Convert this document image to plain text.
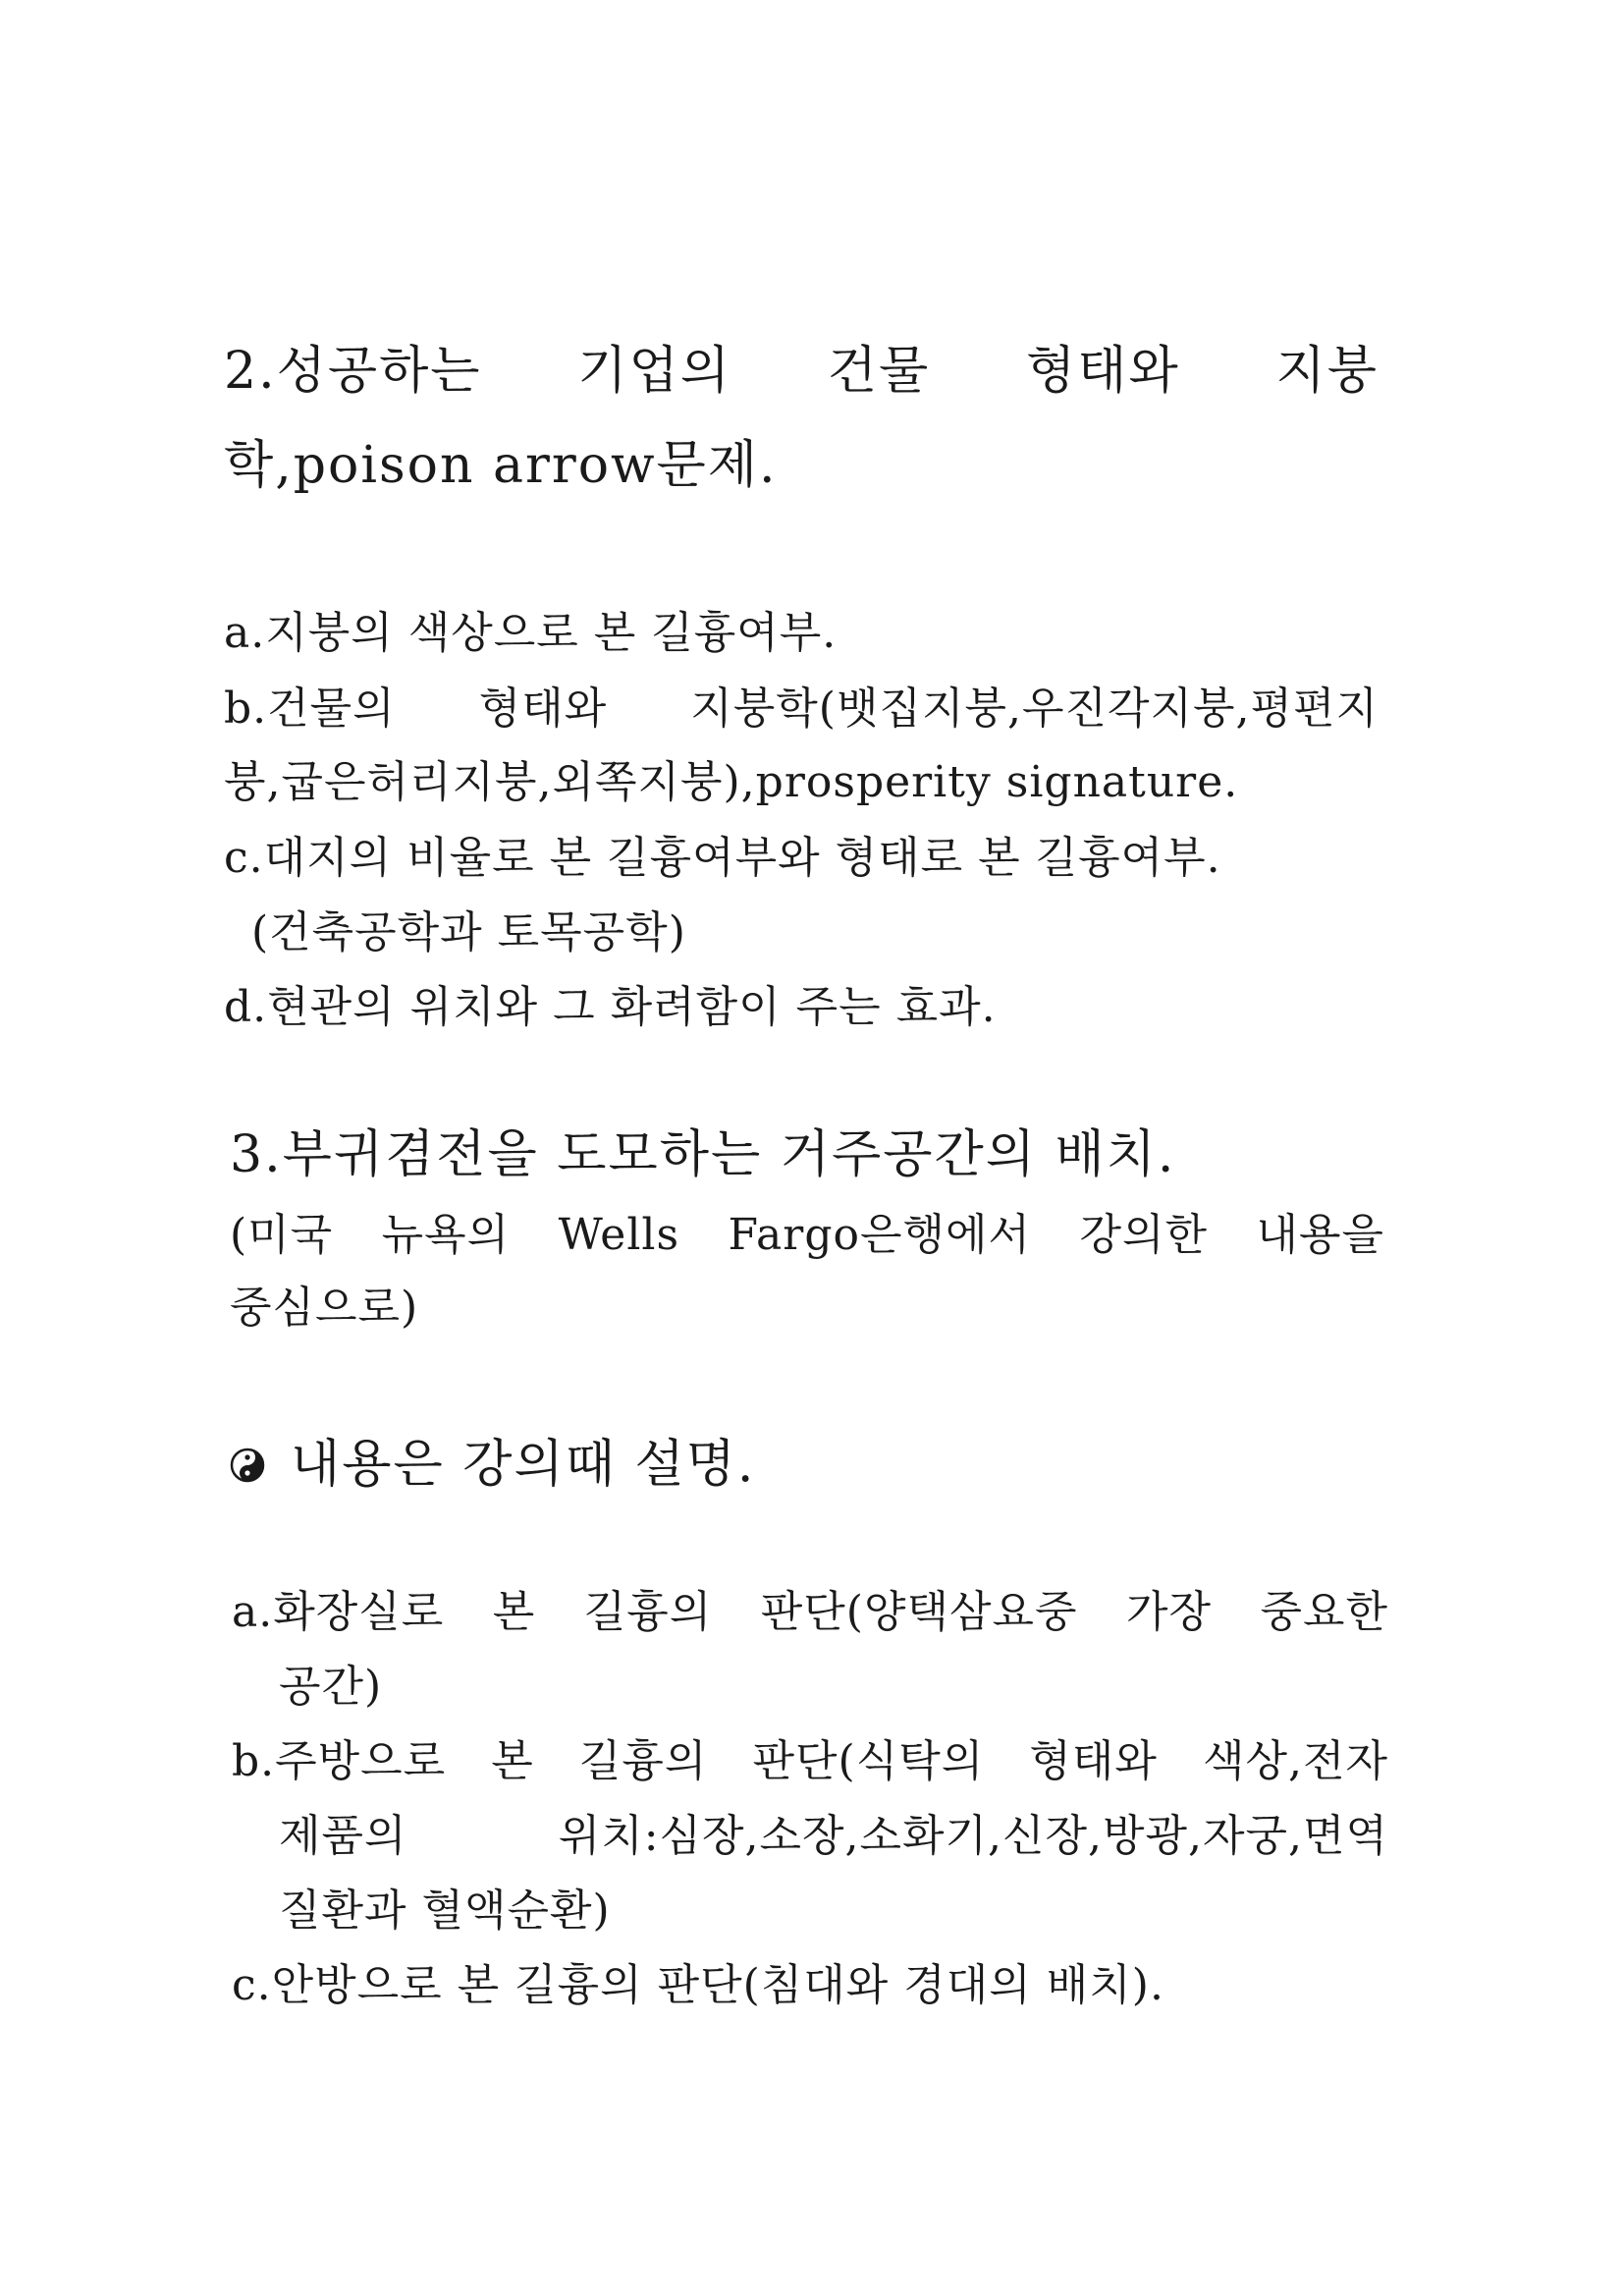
2.성공하는 기업의 건물 형태와 지붕
학,poison arrow문제.
a.지붕의 색상으로 본 길흉여부.
b.건물의 형태와 지붕학(뱃집지붕,우진각지붕,평편지
붕,굽은허리지붕,외쪽지붕),prosperity signature.
c.대지의 비율로 본 길흉여부와 형태로 본 길흉여부.
(건축공학과 토목공학)
d.현관의 위치와 그 화려함이 주는 효과.
3.부귀겸전을 도모하는 거주공간의 배치.
(미국 뉴욕의 Wells Fargo은행에서 강의한 내용을
중심으로)
내용은 강의때 설명.
a.화장실로 본 길흉의 판단(양택삼요중 가장 중요한
공간)
b.주방으로 본 길흉의 판단(식탁의 형태와 색상,전자
제품의	위치:심장,소장,소화기,신장,방광,자궁,면역
질환과 혈액순환)
c.안방으로 본 길흉의 판단(침대와 경대의 배치).
